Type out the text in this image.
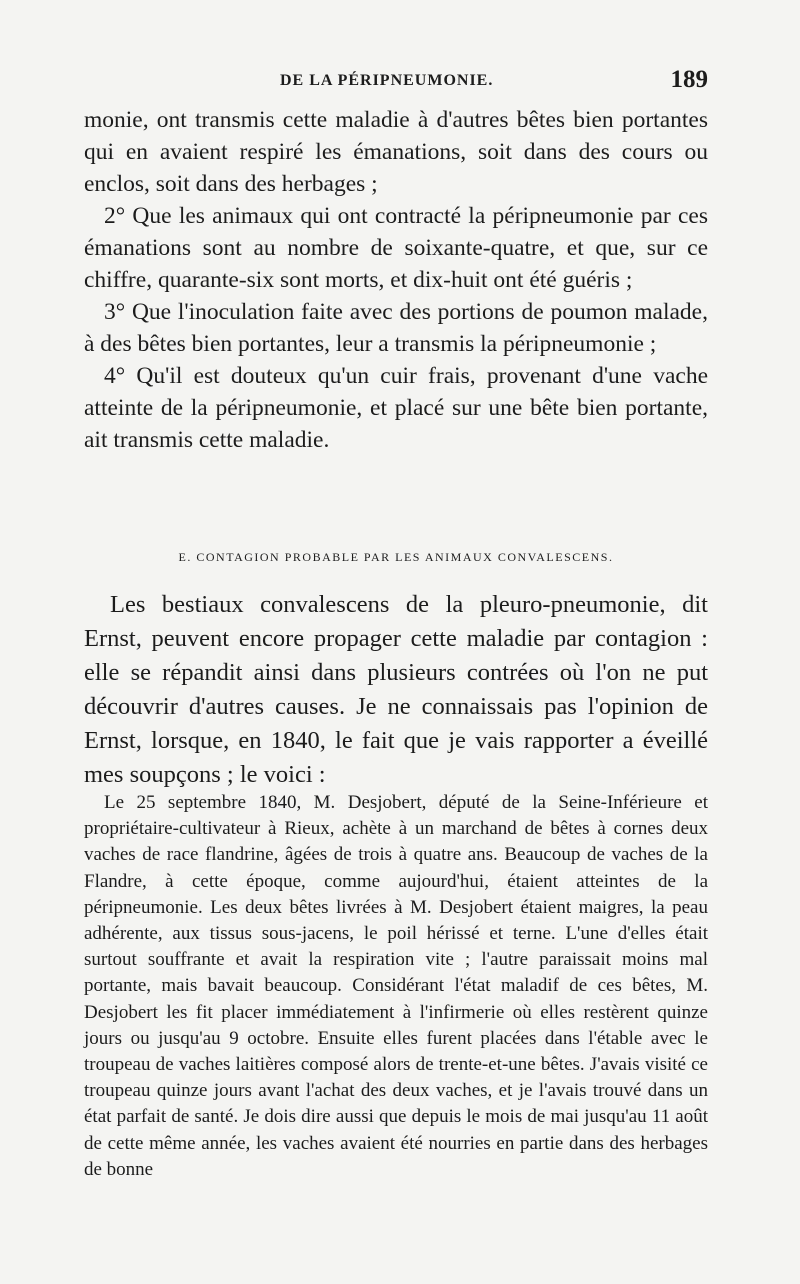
DE LA PÉRIPNEUMONIE.	189

monie, ont transmis cette maladie à d'autres bêtes bien portantes qui en avaient respiré les émanations, soit dans des cours ou enclos, soit dans des herbages ;

2° Que les animaux qui ont contracté la péripneumonie par ces émanations sont au nombre de soixante-quatre, et que, sur ce chiffre, quarante-six sont morts, et dix-huit ont été guéris ;

3° Que l'inoculation faite avec des portions de poumon malade, à des bêtes bien portantes, leur a transmis la péripneumonie ;

4° Qu'il est douteux qu'un cuir frais, provenant d'une vache atteinte de la péripneumonie, et placé sur une bête bien portante, ait transmis cette maladie.

E. CONTAGION PROBABLE PAR LES ANIMAUX CONVALESCENS.

Les bestiaux convalescens de la pleuro-pneumonie, dit Ernst, peuvent encore propager cette maladie par contagion : elle se répandit ainsi dans plusieurs contrées où l'on ne put découvrir d'autres causes. Je ne connaissais pas l'opinion de Ernst, lorsque, en 1840, le fait que je vais rapporter a éveillé mes soupçons ; le voici :

Le 25 septembre 1840, M. Desjobert, député de la Seine-Inférieure et propriétaire-cultivateur à Rieux, achète à un marchand de bêtes à cornes deux vaches de race flandrine, âgées de trois à quatre ans. Beaucoup de vaches de la Flandre, à cette époque, comme aujourd'hui, étaient atteintes de la péripneumonie. Les deux bêtes livrées à M. Desjobert étaient maigres, la peau adhérente, aux tissus sous-jacens, le poil hérissé et terne. L'une d'elles était surtout souffrante et avait la respiration vite ; l'autre paraissait moins mal portante, mais bavait beaucoup. Considérant l'état maladif de ces bêtes, M. Desjobert les fit placer immédiatement à l'infirmerie où elles restèrent quinze jours ou jusqu'au 9 octobre. Ensuite elles furent placées dans l'étable avec le troupeau de vaches laitières composé alors de trente-et-une bêtes. J'avais visité ce troupeau quinze jours avant l'achat des deux vaches, et je l'avais trouvé dans un état parfait de santé. Je dois dire aussi que depuis le mois de mai jusqu'au 11 août de cette même année, les vaches avaient été nourries en partie dans des herbages de bonne
